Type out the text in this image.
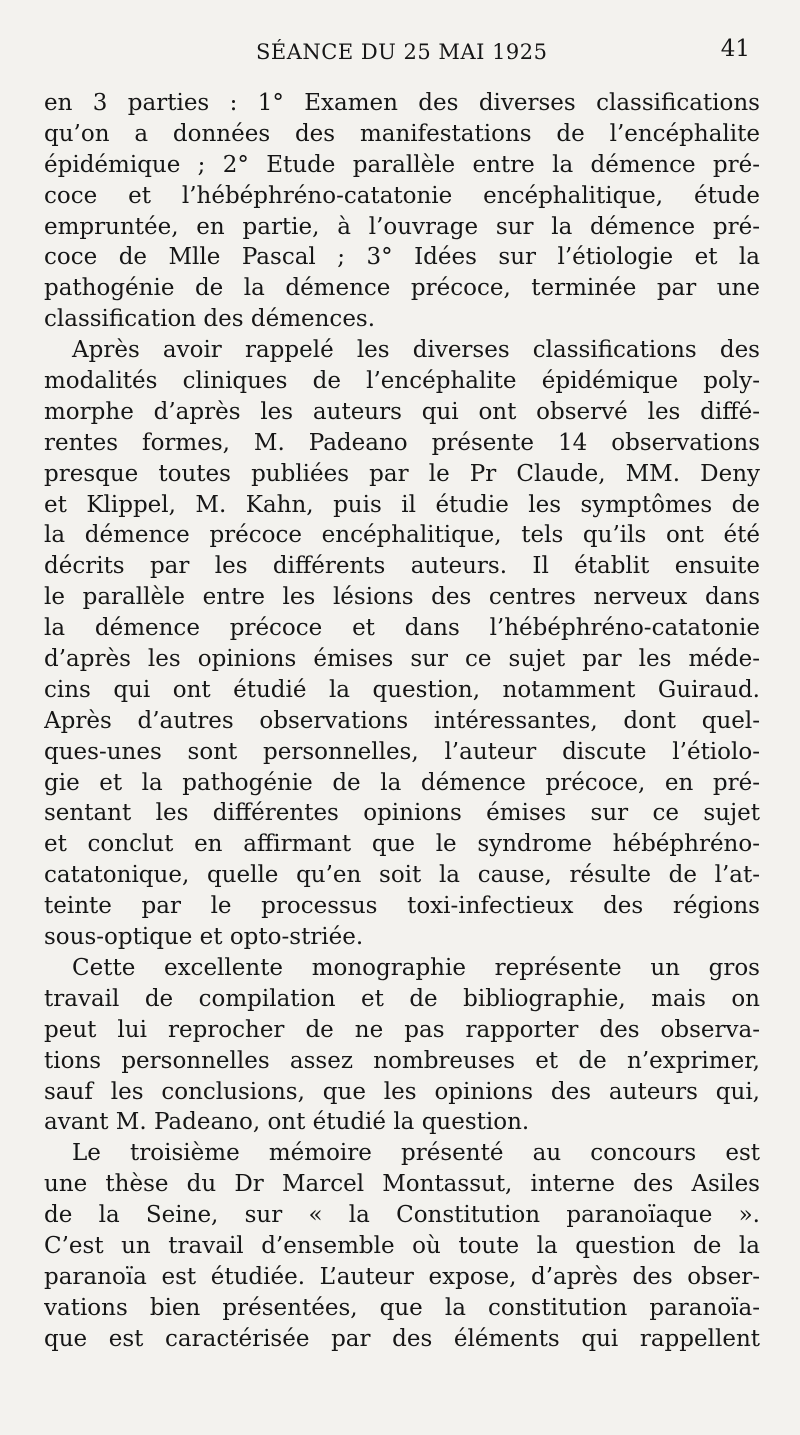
SÉANCE DU 25 MAI 1925	41
en 3 parties : 1° Examen des diverses classifications
qu’on a données des manifestations de l’encéphalite
épidémique ; 2° Etude parallèle entre la démence pré-
coce et l’hébéphréno-catatonie encéphalitique, étude
empruntée, en partie, à l’ouvrage sur la démence pré-
coce de Mlle Pascal ; 3° Idées sur l’étiologie et la
pathogénie de la démence précoce, terminée par une
classification des démences.
Après avoir rappelé les diverses classifications des
modalités cliniques de l’encéphalite épidémique poly-
morphe d’après les auteurs qui ont observé les diffé-
rentes formes, M. Padeano présente 14 observations
presque toutes publiées par le Pr Claude, MM. Deny
et Klippel, M. Kahn, puis il étudie les symptômes de
la démence précoce encéphalitique, tels qu’ils ont été
décrits par les différents auteurs. Il établit ensuite
le parallèle entre les lésions des centres nerveux dans
la démence précoce et dans l’hébéphréno-catatonie
d’après les opinions émises sur ce sujet par les méde-
cins qui ont étudié la question, notamment Guiraud.
Après d’autres observations intéressantes, dont quel-
ques-unes sont personnelles, l’auteur discute l’étiolo-
gie et la pathogénie de la démence précoce, en pré-
sentant les différentes opinions émises sur ce sujet
et conclut en affirmant que le syndrome hébéphréno-
catatonique, quelle qu’en soit la cause, résulte de l’at-
teinte par le processus toxi-infectieux des régions
sous-optique et opto-striée.
Cette excellente monographie représente un gros
travail de compilation et de bibliographie, mais on
peut lui reprocher de ne pas rapporter des observa-
tions personnelles assez nombreuses et de n’exprimer,
sauf les conclusions, que les opinions des auteurs qui,
avant M. Padeano, ont étudié la question.
Le troisième mémoire présenté au concours est
une thèse du Dr Marcel Montassut, interne des Asiles
de la Seine, sur « la Constitution paranoïaque ».
C’est un travail d’ensemble où toute la question de la
paranoïa est étudiée. L’auteur expose, d’après des obser-
vations bien présentées, que la constitution paranoïa-
que est caractérisée par des éléments qui rappellent
